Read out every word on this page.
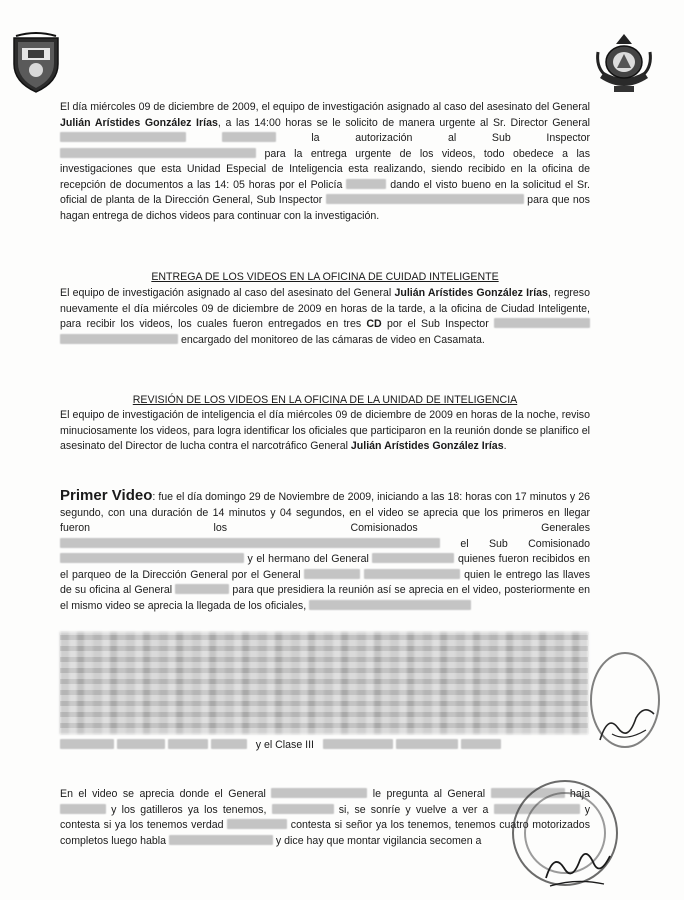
El día miércoles 09 de diciembre de 2009, el equipo de investigación asignado al caso del asesinato del General Julián Arístides González Irías, a las 14:00 horas se le solicito de manera urgente al Sr. Director General   la autorización al Sub Inspector  para la entrega urgente de los videos, todo obedece a las investigaciones que esta Unidad Especial de Inteligencia esta realizando, siendo recibido en la oficina de recepción de documentos a las 14: 05 horas por el Policía	dando el visto bueno en la solicitud el Sr. oficial de planta de la Dirección General, Sub Inspector	para que nos hagan entrega de dichos videos para continuar con la investigación.
ENTREGA DE LOS VIDEOS EN LA OFICINA DE CUIDAD INTELIGENTE
El equipo de investigación asignado al caso del asesinato del General Julián Arístides González Irías, regreso nuevamente el día miércoles 09 de diciembre de 2009 en horas de la tarde, a la oficina de Ciudad Inteligente, para recibir los videos, los cuales fueron entregados en tres CD por el Sub Inspector   encargado del monitoreo de las cámaras de video en Casamata.
REVISIÓN DE LOS VIDEOS EN LA OFICINA DE LA UNIDAD DE INTELIGENCIA
El equipo de investigación de inteligencia el día miércoles 09 de diciembre de 2009 en horas de la noche, reviso minuciosamente los videos, para logra identificar los oficiales que participaron en la reunión donde se planifico el asesinato del Director de lucha contra el narcotráfico General Julián Arístides González Irías.
Primer Video: fue el día domingo 29 de Noviembre de 2009, iniciando a las 18: horas con 17 minutos y 26 segundo, con una duración de 14 minutos y 04 segundos, en el video se aprecia que los primeros en llegar fueron los Comisionados Generales  el Sub Comisionado  y el hermano del General	quienes fueron recibidos en el parqueo de la Dirección General por el General	quien le entrego las llaves de su oficina al General	para que presidiera la reunión así se aprecia en el video, posteriormente en el mismo video se aprecia la llegada de los oficiales,
y el Clase III
En el video se aprecia donde el General	le pregunta al General	haja  y los gatilleros ya los tenemos,	si, se sonríe y vuelve a ver a	y contesta si ya los tenemos verdad	contesta si señor ya los tenemos, tenemos cuatro motorizados completos luego habla	y dice hay que montar vigilancia secomen a
